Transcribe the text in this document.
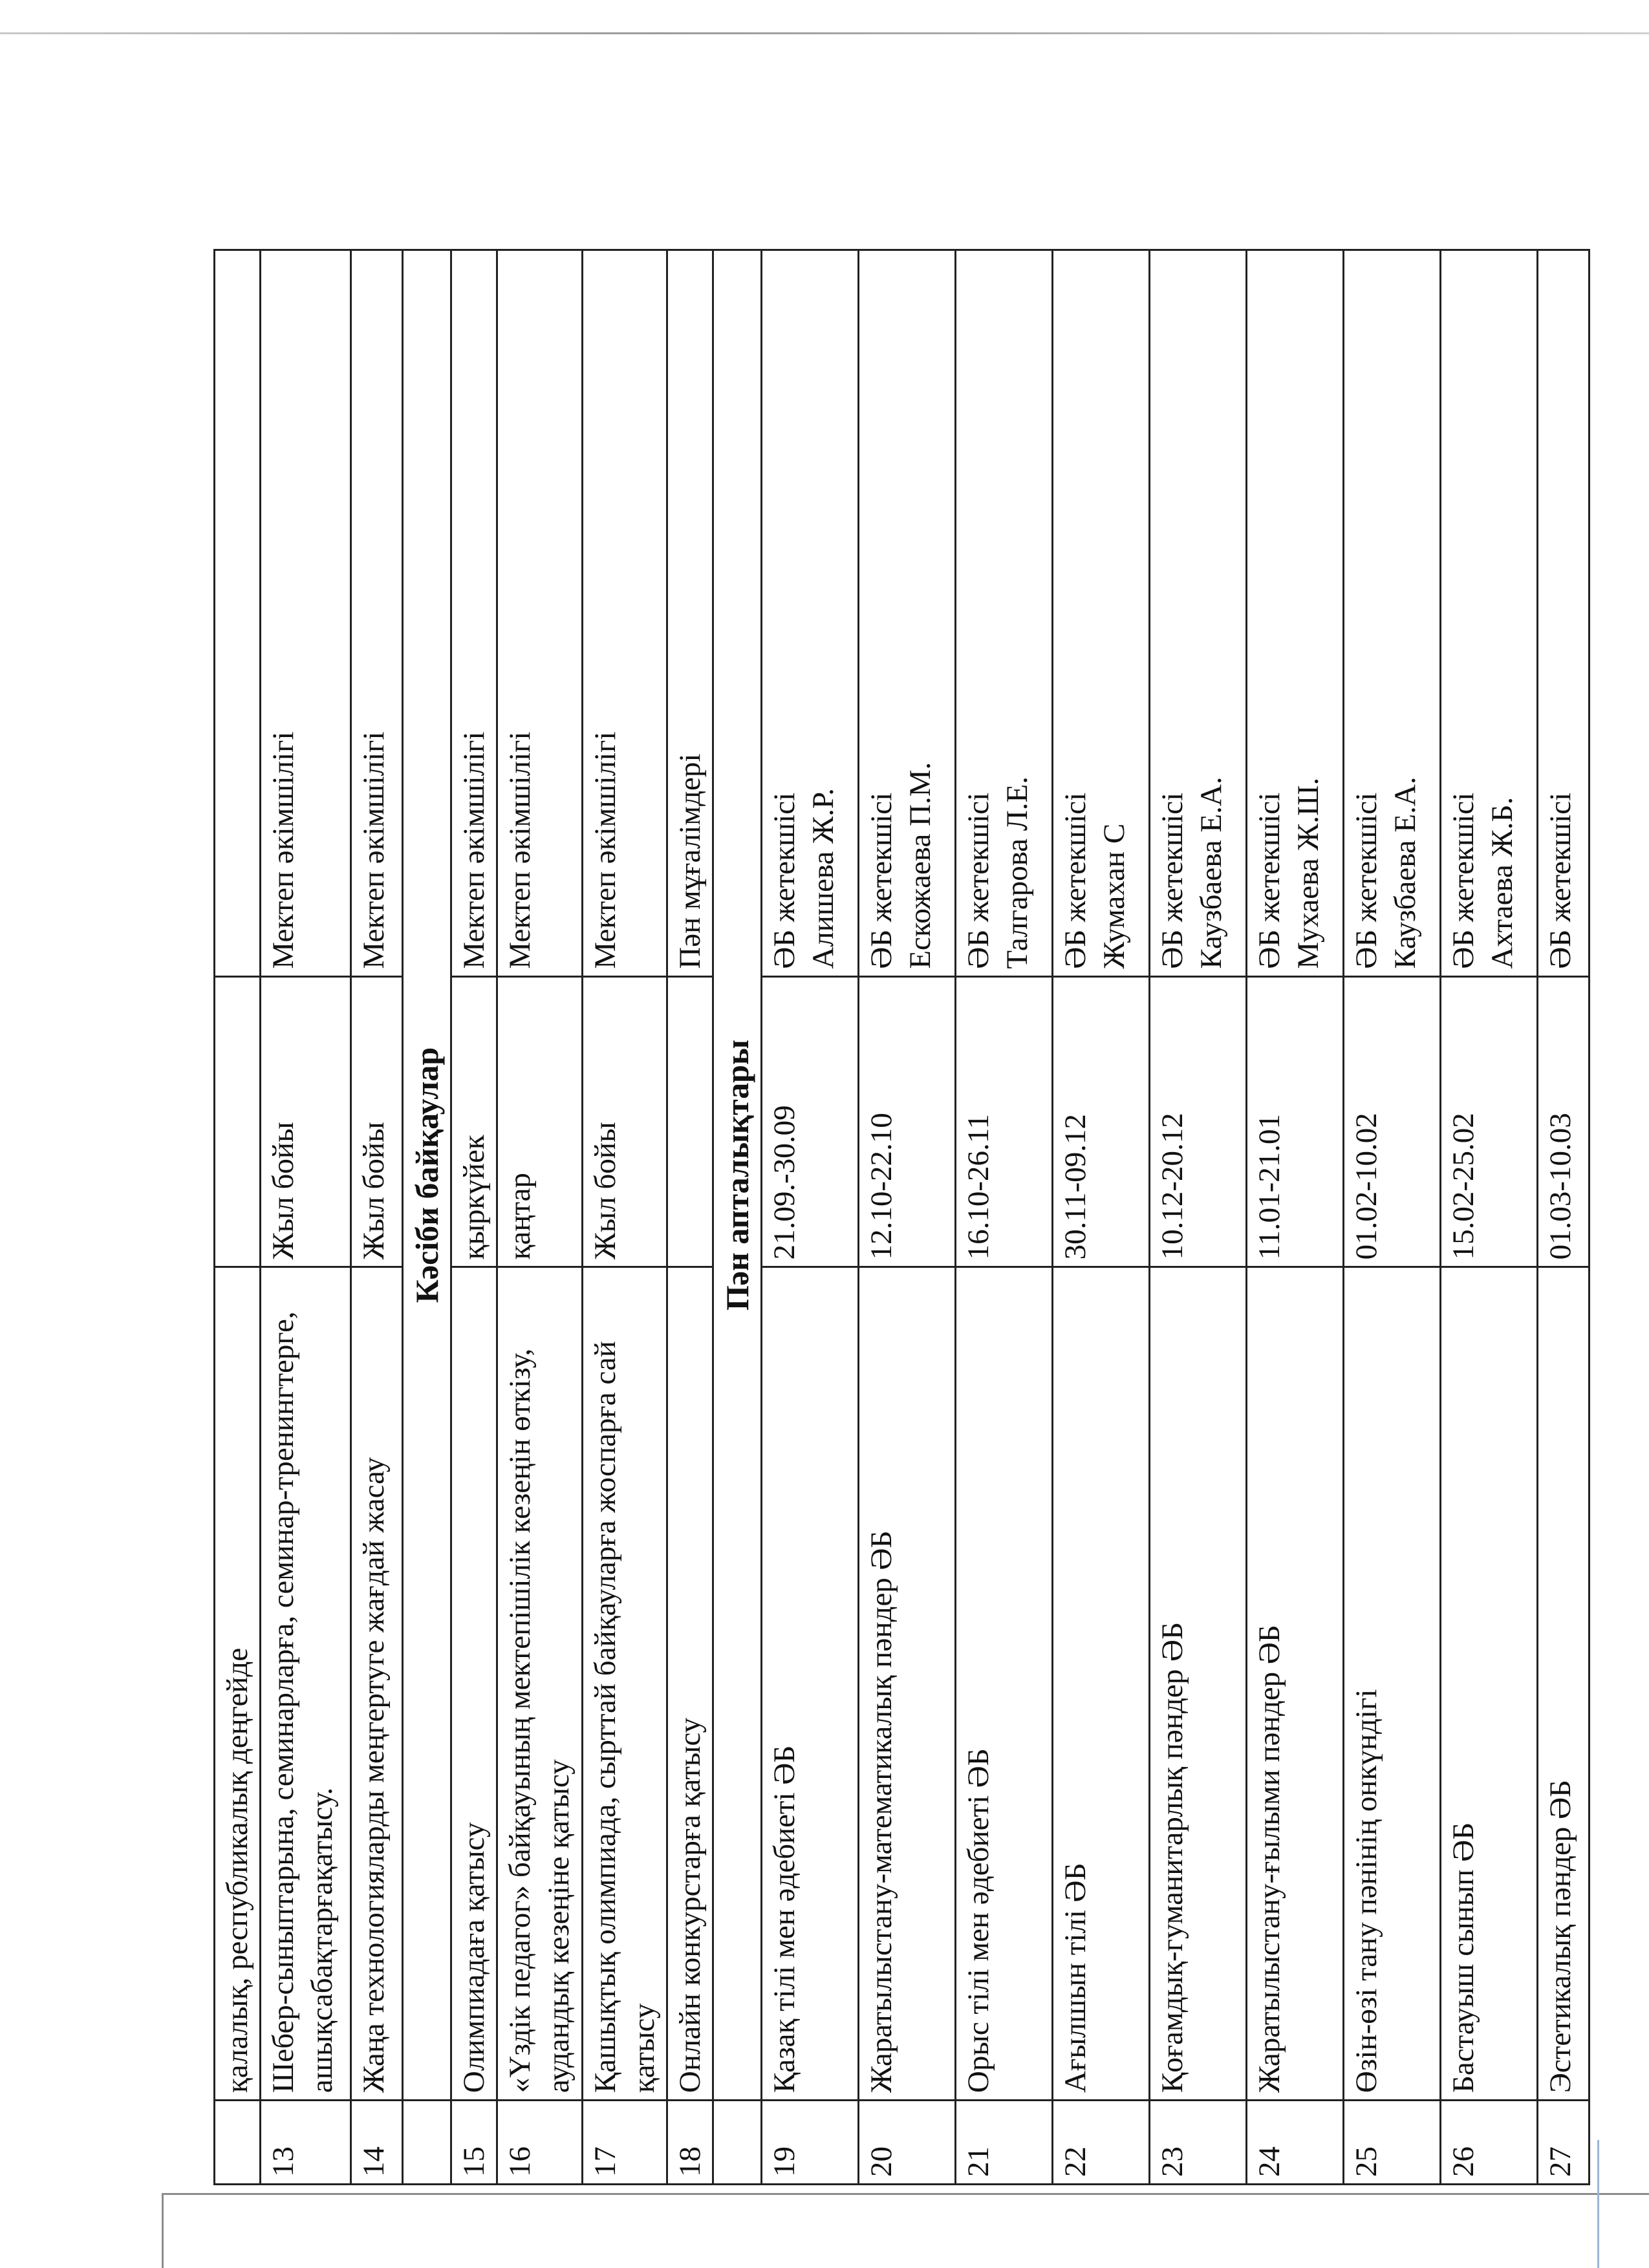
	қалалық, республикалық деңгейде		
13	Шебер-сыныптарына, семинарларға, семинар-тренингтерге, ашықсабақтарғақатысу.	Жыл бойы	Мектеп әкімшілігі

14	Жаңа технологияларды меңгертуге жағдай жасау	Жыл бойы	Мектеп әкімшілігі

	Кәсіби байқаулар		
15	Олимпиадаға қатысу	қыркүйек	Мектеп әкімшілігі

16	«Үздік педагог» байқауының мектепішілік кезеңін өткізу, аудандық кезеңіне қатысу	қаңтар	Мектеп әкімшілігі

17	Қашықтық олимпиада, сырттай байқауларға жоспарға сай қатысу	Жыл бойы	Мектеп әкімшілігі

18	Онлайн конкурстарға қатысу		Пән мұғалімдері

	Пән апталықтары		
19	Қазақ тілі мен әдебиеті ӘБ	21.09.-30.09	ӘБ жетекшісі Алишева Ж.Р.

20	Жаратылыстану-математикалық пәндер ӘБ	12.10-22.10	ӘБ жетекшісі Ескожаева П.М.

21	Орыс тілі мен әдебиеті ӘБ	16.10-26.11	ӘБ жетекшісі Талгарова Л.Е.

22	Ағылшын тілі ӘБ	30.11-09.12	ӘБ жетекшісі Жумахан С

23	Қоғамдық-гуманитарлық пәндер ӘБ	10.12-20.12	ӘБ жетекшісі Каузбаева Е.А.

24	Жаратылыстану-ғылыми пәндер ӘБ	11.01-21.01	ӘБ жетекшісі Мухаева Ж.Ш.

25	Өзін-өзі тану пәнінің онкүндігі	01.02-10.02	ӘБ жетекшісі Каузбаева Е.А.

26	Бастауыш сынып ӘБ	15.02-25.02	ӘБ жетекшісі Ахтаева Ж.Б.

27	Эстетикалық пәндер ӘБ	01.03-10.03	ӘБ жетекшісі
